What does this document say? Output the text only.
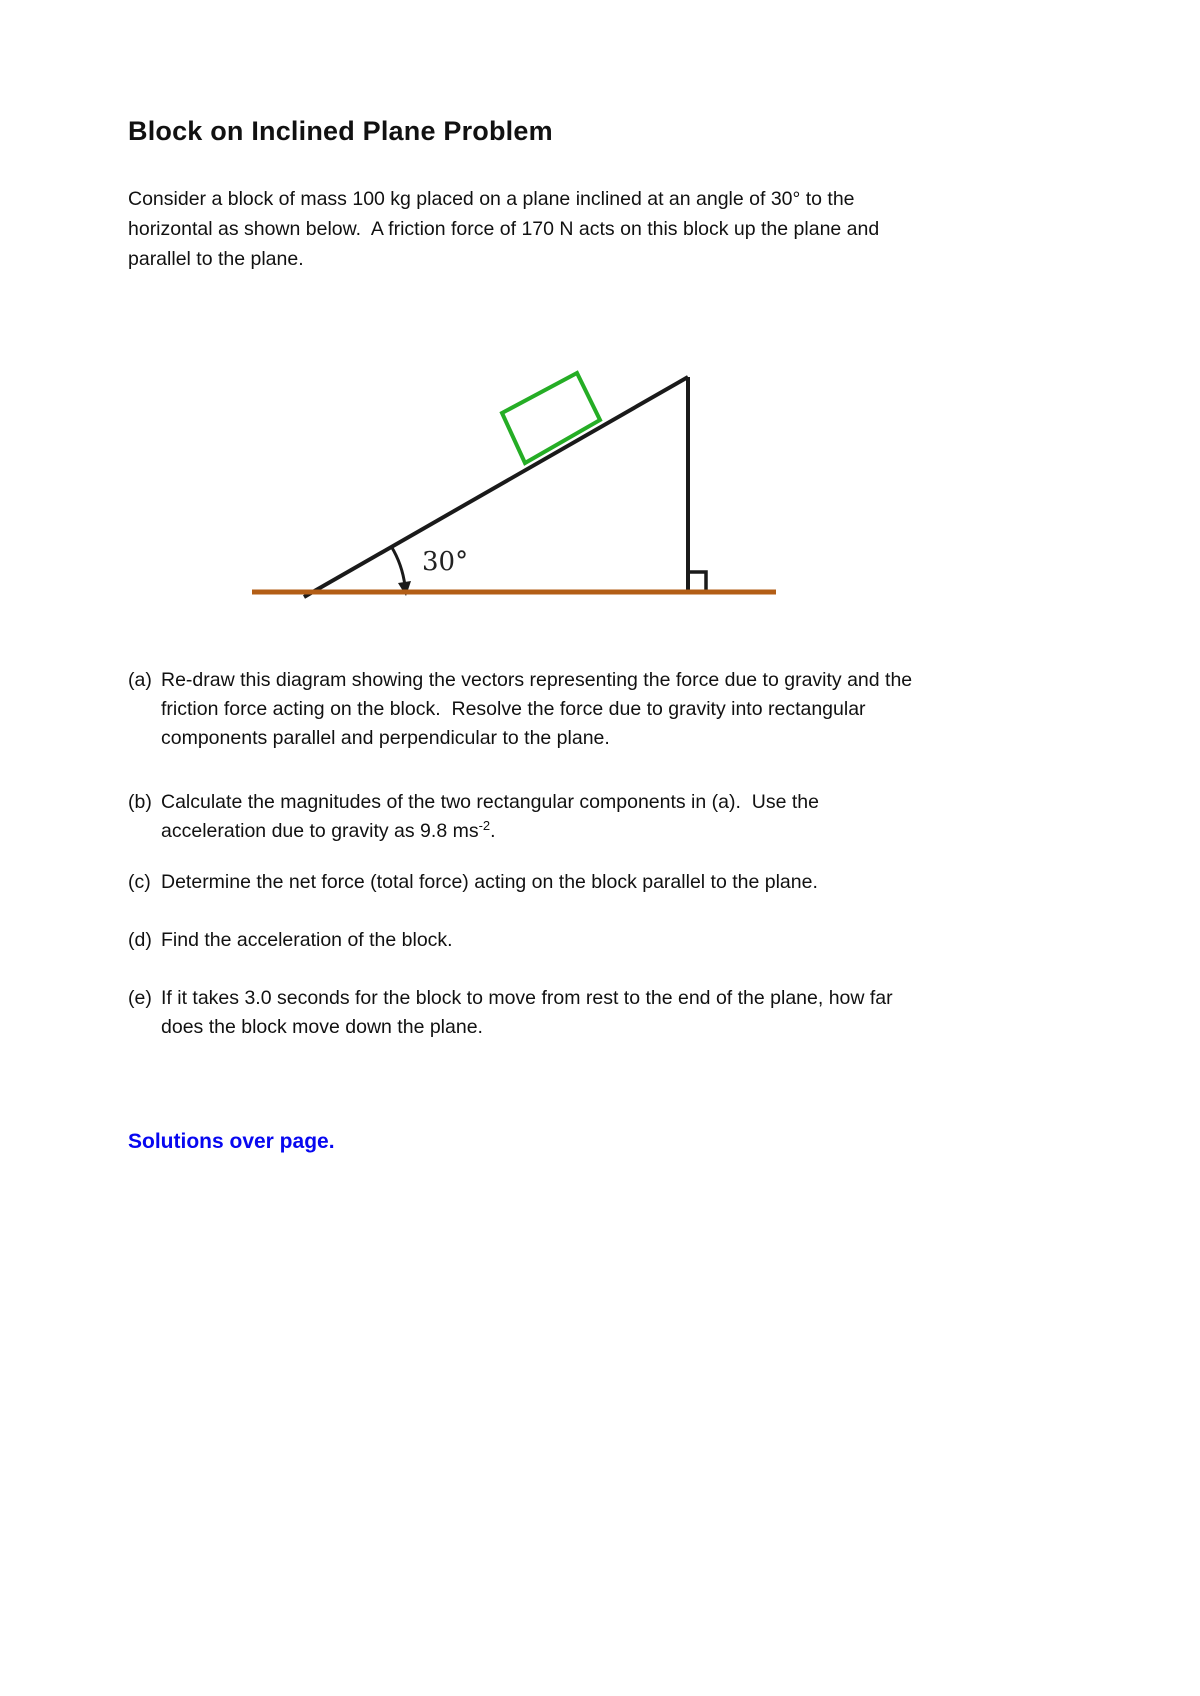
Block on Inclined Plane Problem
Consider a block of mass 100 kg placed on a plane inclined at an angle of 30° to the
horizontal as shown below.  A friction force of 170 N acts on this block up the plane and
parallel to the plane.
30°
(a) Re-draw this diagram showing the vectors representing the force due to gravity and the
friction force acting on the block.  Resolve the force due to gravity into rectangular
components parallel and perpendicular to the plane.
(b) Calculate the magnitudes of the two rectangular components in (a).  Use the
acceleration due to gravity as 9.8 $ms^{-2}$.
(c) Determine the net force (total force) acting on the block parallel to the plane.
(d) Find the acceleration of the block.
(e) If it takes 3.0 seconds for the block to move from rest to the end of the plane, how far
does the block move down the plane.
Solutions over page.
